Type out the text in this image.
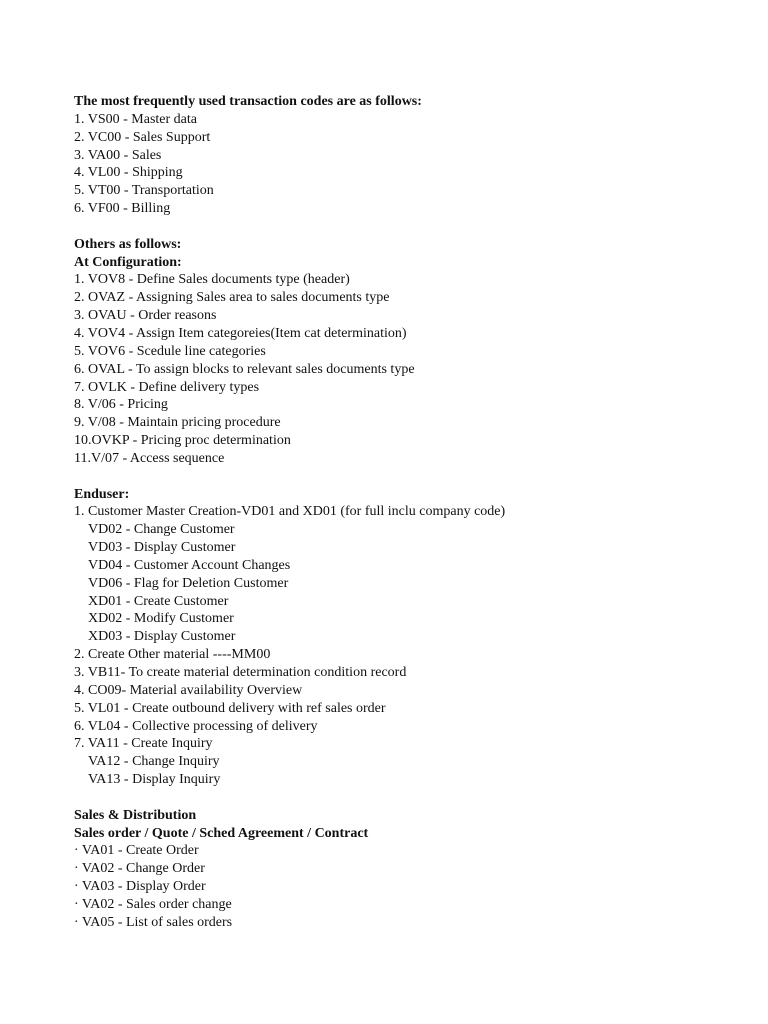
The most frequently used transaction codes are as follows:
1. VS00 - Master data
2. VC00 - Sales Support
3. VA00 - Sales
4. VL00 - Shipping
5. VT00 - Transportation
6. VF00 - Billing
Others as follows:
At Configuration:
1. VOV8 - Define Sales documents type (header)
2. OVAZ - Assigning Sales area to sales documents type
3. OVAU - Order reasons
4. VOV4 - Assign Item categoreies(Item cat determination)
5. VOV6 - Scedule line categories
6. OVAL - To assign blocks to relevant sales documents type
7. OVLK - Define delivery types
8. V/06 - Pricing
9. V/08 - Maintain pricing procedure
10.OVKP - Pricing proc determination
11.V/07 - Access sequence
Enduser:
1. Customer Master Creation-VD01 and XD01 (for full inclu company code)
VD02 - Change Customer
VD03 - Display Customer
VD04 - Customer Account Changes
VD06 - Flag for Deletion Customer
XD01 - Create Customer
XD02 - Modify Customer
XD03 - Display Customer
2. Create Other material ----MM00
3. VB11- To create material determination condition record
4. CO09- Material availability Overview
5. VL01 - Create outbound delivery with ref sales order
6. VL04 - Collective processing of delivery
7. VA11 - Create Inquiry
VA12 - Change Inquiry
VA13 - Display Inquiry
Sales & Distribution
Sales order / Quote / Sched Agreement / Contract
· VA01 - Create Order
· VA02 - Change Order
· VA03 - Display Order
· VA02 - Sales order change
· VA05 - List of sales orders
